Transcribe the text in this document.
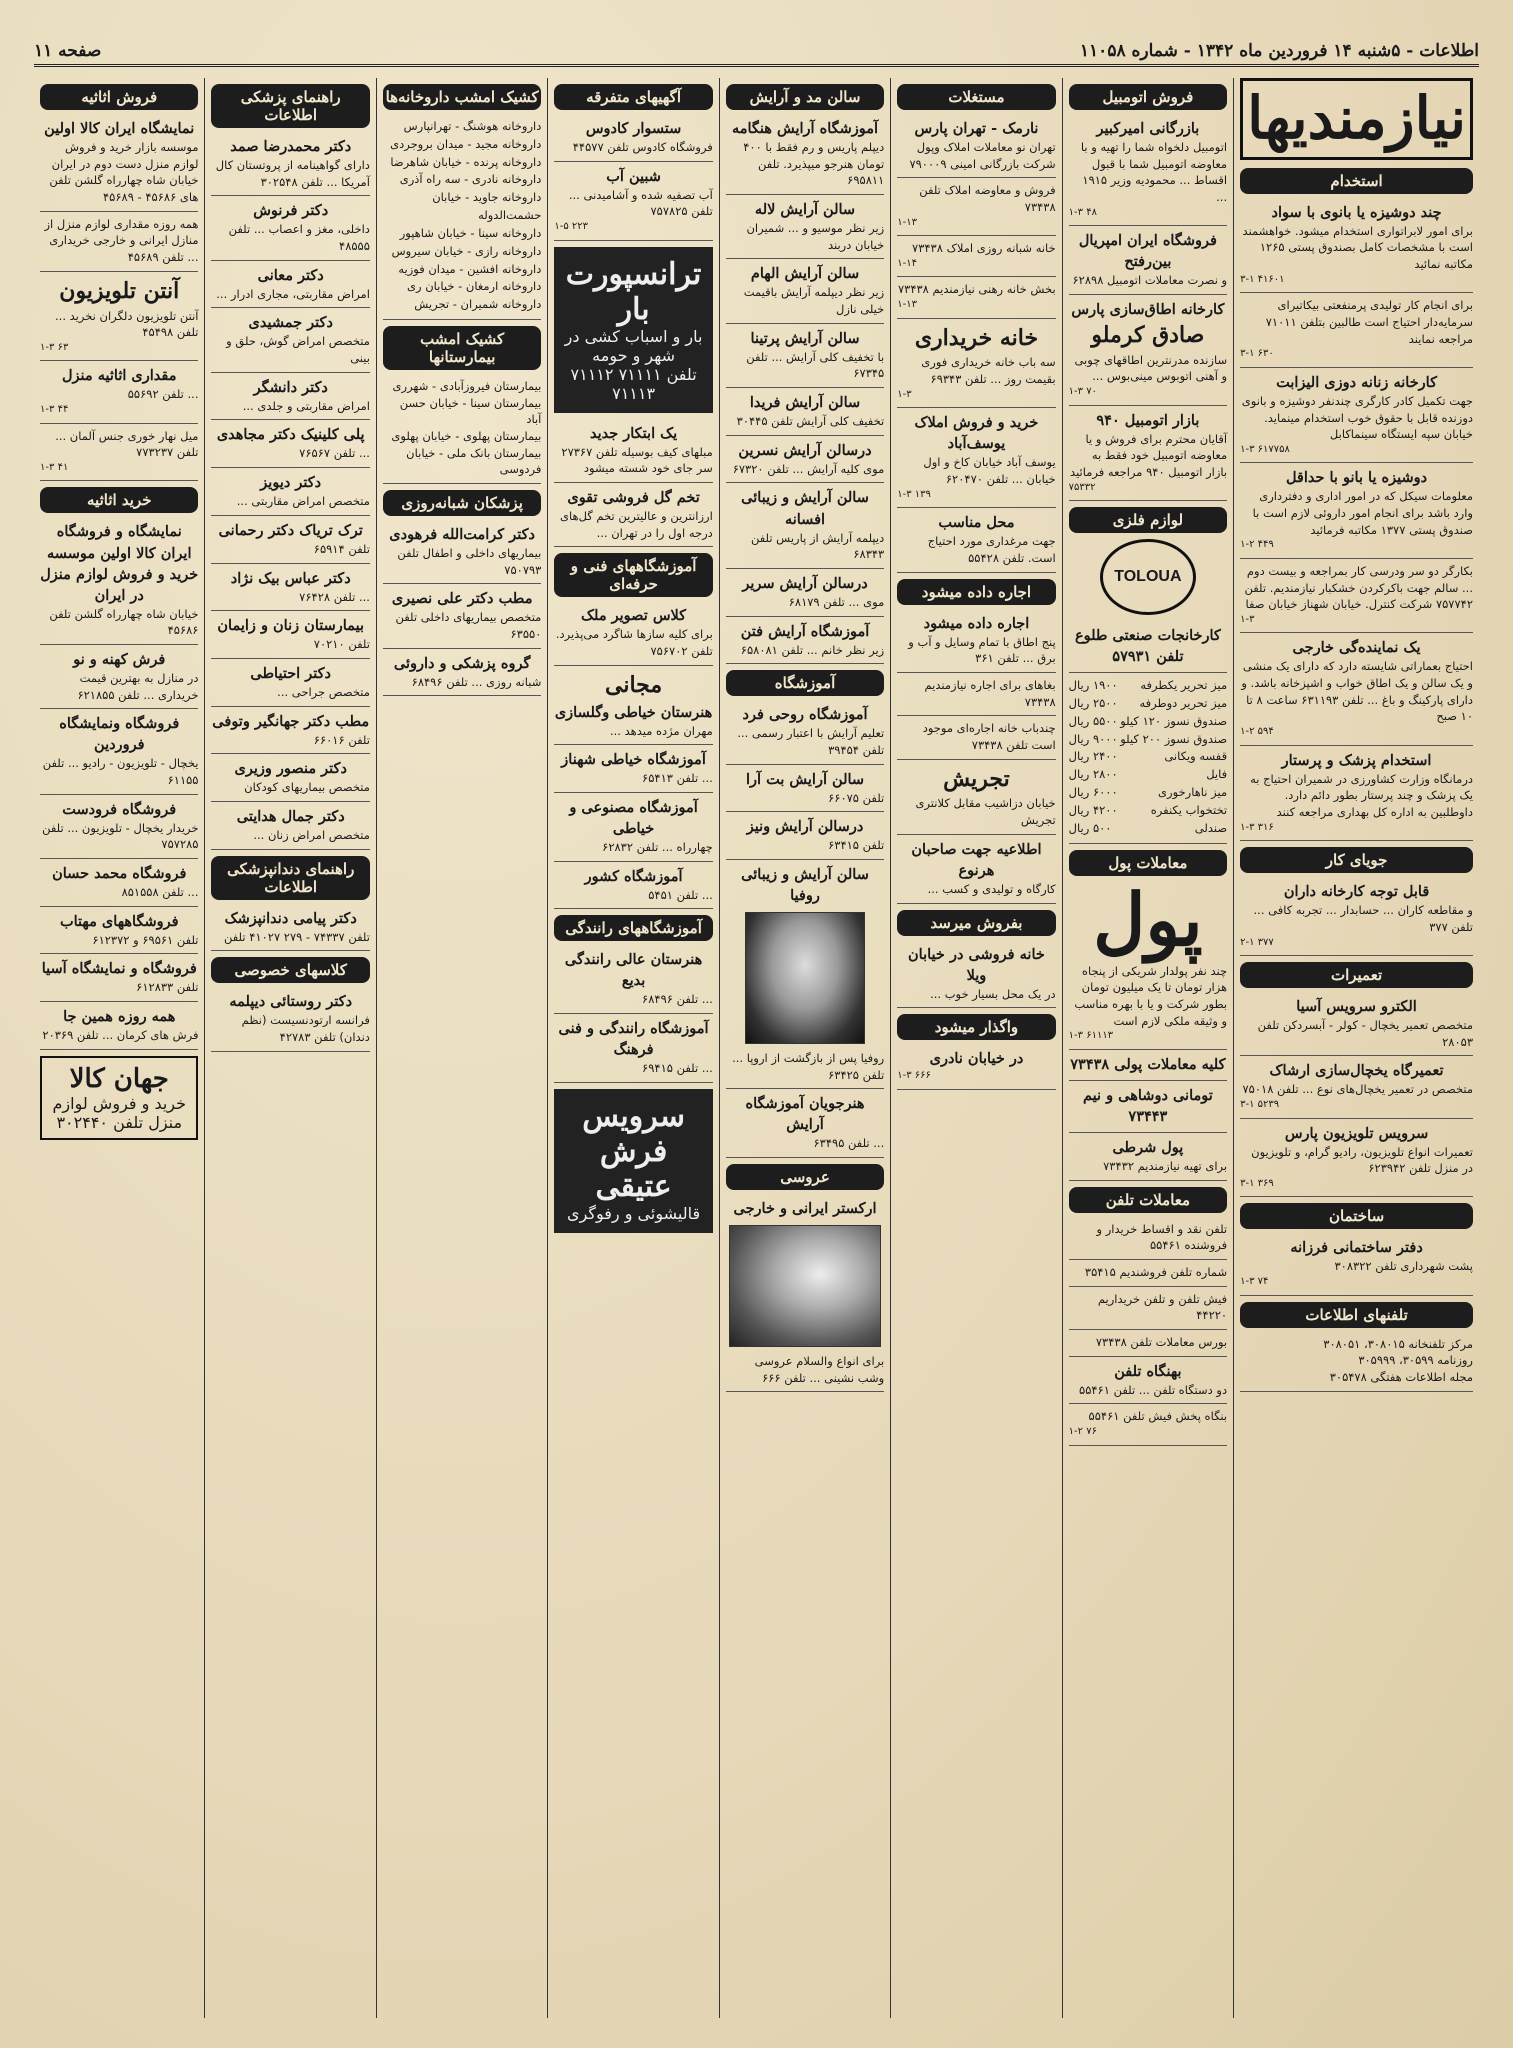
اطلاعات - ۵شنبه ۱۴ فروردین ماه ۱۳۴۲ - شماره ۱۱۰۵۸
صفحه ۱۱
نیازمندیها
استخدام
چند دوشیزه یا بانوی با سواد
برای امور لابراتواری استخدام میشود. خواهشمند است با مشخصات کامل بصندوق پستی ۱۲۶۵ مکاتبه نمائید
۳-۱ ۴۱۶۰۱
برای انجام کار تولیدی پرمنفعتی بیکاتیرای سرمایه‌دار احتیاج است طالبین بتلفن ۷۱۰۱۱ مراجعه نمایند
۳-۱ ۶۳۰
کارخانه زنانه دوزی الیزابت
جهت تکمیل کادر کارگری چندنفر دوشیزه و بانوی دوزنده قابل با حقوق خوب استخدام مینماید. خیابان سپه ایستگاه سینماکابل
۱-۳ ۶۱۷۷۵۸
دوشیزه یا بانو با حداقل
معلومات سیکل که در امور اداری و دفترداری وارد باشد برای انجام امور داروئی لازم است با صندوق پستی ۱۳۷۷ مکاتبه فرمائید
۱-۲ ۴۴۹
بکارگر دو سر ودرسی کار بمراجعه و بیست دوم ... سالم جهت باکرکردن خشکبار نیازمندیم. تلفن ۷۵۷۷۴۲ شرکت کنترل. خیابان شهناز خیابان صفا
۱-۳
یک نماینده‌گی خارجی
احتیاج بعماراتی شایسته دارد که دارای یک منشی و یک سالن و یک اطاق خواب و اشپزخانه باشد. و دارای پارکینگ و باغ ... تلفن ۶۳۱۱۹۳ ساعت ۸ تا ۱۰ صبح
۱-۲ ۵۹۴
استخدام پزشک و پرستار
درمانگاه وزارت کشاورزی در شمیران احتیاج به یک پزشک و چند پرستار بطور دائم دارد. داوطلبین به اداره کل بهداری مراجعه کنند
۱-۳ ۳۱۶
جویای کار
قابل توجه کارخانه داران
و مقاطعه کاران ... حسابدار ... تجربه کافی ... تلفن ۳۷۷
۲-۱ ۳۷۷
تعمیرات
الکترو سرویس آسیا
متخصص تعمیر یخچال - کولر - آبسردکن تلفن ۲۸۰۵۳
تعمیرگاه یخچال‌سازی ارشاک
متخصص در تعمیر یخچال‌های نوع ... تلفن ۷۵۰۱۸
۳-۱ ۵۲۳۹
سرویس تلویزیون پارس
تعمیرات انواع تلویزیون، رادیو گرام، و تلویزیون در منزل تلفن ۶۲۳۹۴۲
۳-۱ ۳۶۹
ساختمان
دفتر ساختمانی فرزانه
پشت شهرداری تلفن ۳۰۸۳۲۲
۱-۳ ۷۴
تلفنهای اطلاعات
مرکز تلفنخانه ۳۰۸۰۱۵، ۳۰۸۰۵۱
روزنامه ۳۰۵۹۹، ۳۰۵۹۹۹
مجله اطلاعات هفتگی ۳۰۵۴۷۸
فروش اتومبیل
بازرگانی امیرکبیر
اتومبیل دلخواه شما را تهیه و با معاوضه اتومبیل شما با قبول اقساط ... محمودیه وزیر ۱۹۱۵ ...
۱-۳ ۴۸
فروشگاه ایران امپریال بین‌رفتح
و نصرت معاملات اتومبیل ۶۲۸۹۸
کارخانه اطاق‌سازی پارس
صادق کرملو
سازنده مدرنترین اطاقهای چوبی و آهنی اتوبوس مینی‌بوس ...
۱-۳ ۷۰
بازار اتومبیل ۹۴۰
آقایان محترم برای فروش و یا معاوضه اتومبیل خود فقط به بازار اتومبیل ۹۴۰ مراجعه فرمائید
۷۵۳۳۲
لوازم فلزی
TOLOUA
کارخانجات صنعتی طلوع تلفن ۵۷۹۳۱
میز تحریر یکطرفه
۱۹۰۰ ریال
میز تحریر دوطرفه
۲۵۰۰ ریال
صندوق نسوز ۱۲۰ کیلو
۵۵۰۰ ریال
صندوق نسوز ۲۰۰ کیلو
۹۰۰۰ ریال
قفسه ویکانی
۲۴۰۰ ریال
فایل
۲۸۰۰ ریال
میز ناهارخوری
۶۰۰۰ ریال
تختخواب یکنفره
۴۲۰۰ ریال
صندلی
۵۰۰ ریال
معاملات پول
پول
چند نفر پولدار شریکی از پنجاه هزار تومان تا یک میلیون تومان بطور شرکت و یا با بهره مناسب و وثیقه ملکی لازم است
۱-۳ ۶۱۱۱۳
کلیه معاملات پولی ۷۳۴۳۸
تومانی دوشاهی و نیم ۷۳۴۴۳
پول شرطی
برای تهیه نیازمندیم ۷۳۴۳۲
معاملات تلفن
تلفن نقد و اقساط خریدار و فروشنده ۵۵۴۶۱
شماره تلفن فروشندیم ۳۵۴۱۵
فیش تلفن و تلفن خریداریم ۴۴۲۲۰
بورس معاملات تلفن ۷۳۴۳۸
بهنگاه تلفن
دو دستگاه تلفن ... تلفن ۵۵۴۶۱
بنگاه پخش فیش تلفن ۵۵۴۶۱
۱-۲ ۷۶
مستغلات
نارمک - تهران پارس
تهران نو معاملات املاک وپول شرکت بازرگانی امینی ۷۹۰۰۰۹
فروش و معاوضه املاک تلفن ۷۳۴۳۸
۱-۱۳
خانه شبانه روزی املاک ۷۳۴۳۸
۱-۱۴
بخش خانه رهنی نیازمندیم ۷۳۴۳۸
۱-۱۳
خانه خریداری
سه باب خانه خریداری فوری بقیمت روز ... تلفن ۶۹۳۴۳
۱-۳
خرید و فروش املاک یوسف‌آباد
یوسف آباد خیابان کاخ و اول خیابان ... تلفن ۶۲۰۴۷۰
۱-۳ ۱۳۹
محل مناسب
جهت مرغداری مورد احتیاج است. تلفن ۵۵۴۲۸
اجاره داده میشود
اجاره داده میشود
پنج اطاق با تمام وسایل و آب و برق ... تلفن ۳۶۱
بغاهای برای اجاره نیازمندیم ۷۳۴۳۸
چندباب خانه اجاره‌ای موجود است تلفن ۷۳۴۳۸
تجریش
خیابان دزاشیب مقابل کلانتری تجریش
اطلاعیه جهت صاحبان هرنوع
کارگاه و تولیدی و کسب ...
بفروش میرسد
خانه فروشی در خیابان ویلا
در یک محل بسیار خوب ...
واگذار میشود
در خیابان نادری
۱-۳ ۶۶۶
سالن مد و آرایش
آموزشگاه آرایش هنگامه
دیپلم پاریس و رم فقط با ۴۰۰ تومان هنرجو میپذیرد. تلفن ۶۹۵۸۱۱
سالن آرایش لاله
زیر نظر موسیو و ... شمیران خیابان دربند
سالن آرایش الهام
زیر نظر دیپلمه آرایش باقیمت خیلی نازل
سالن آرایش پرتینا
با تخفیف کلی آرایش ... تلفن ۶۷۳۴۵
سالن آرایش فریدا
تخفیف کلی آرایش تلفن ۳۰۴۴۵
درسالن آرایش نسرین
موی کلیه آرایش ... تلفن ۶۷۳۲۰
سالن آرایش و زیبائی افسانه
دیپلمه آرایش از پاریس تلفن ۶۸۳۴۳
درسالن آرایش سریر
موی ... تلفن ۶۸۱۷۹
آموزشگاه آرایش فتن
زیر نظر خانم ... تلفن ۶۵۸۰۸۱
آموزشگاه
آموزشگاه روحی فرد
تعلیم آرایش با اعتبار رسمی ... تلفن ۳۹۴۵۴
سالن آرایش بت آرا
تلفن ۶۶۰۷۵
درسالن آرایش ونیز
تلفن ۶۳۴۱۵
سالن آرایش و زیبائی روفیا
روفیا پس از بازگشت از اروپا ... تلفن ۶۳۴۲۵
هنرجویان آموزشگاه آرایش
... تلفن ۶۳۴۹۵
عروسی
ارکستر ایرانی و خارجی
برای انواع والسلام عروسی وشب نشینی ... تلفن ۶۶۶
آگهیهای متفرقه
ستسوار کادوس
فروشگاه کادوس تلفن ۴۴۵۷۷
شبین آب
آب تصفیه شده و آشامیدنی ... تلفن ۷۵۷۸۲۵
۱-۵ ۲۲۳
ترانسپورت بار
بار و اسباب کشی در شهر و حومه
تلفن ۷۱۱۱۱ ۷۱۱۱۲ ۷۱۱۱۳
یک ابتکار جدید
مبلهای کیف بوسیله تلفن ۲۷۳۶۷ سر جای خود شسته میشود
تخم گل فروشی تقوی
ارزانترین و عالیترین تخم گل‌های درجه اول را در تهران ...
آموزشگاههای فنی و حرفه‌ای
کلاس تصویر ملک
برای کلیه سازها شاگرد می‌پذیرد. تلفن ۷۵۶۷۰۲
مجانی
هنرستان خیاطی وگلسازی
مهران مژده میدهد ...
آموزشگاه خیاطی شهناز
... تلفن ۶۵۴۱۳
آموزشگاه مصنوعی و خیاطی
چهارراه ... تلفن ۶۲۸۳۲
آموزشگاه کشور
... تلفن ۵۴۵۱
آموزشگاههای رانندگی
هنرستان عالی رانندگی بدیع
... تلفن ۶۸۴۹۶
آموزشگاه رانندگی و فنی فرهنگ
... تلفن ۶۹۴۱۵
سرویس فرش عتیقی
قالیشوئی و رفوگری
کشیک امشب داروخانه‌ها
داروخانه هوشنگ - تهرانپارس
داروخانه مجید - میدان بروجردی
داروخانه پرنده - خیابان شاهرضا
داروخانه نادری - سه راه آذری
داروخانه جاوید - خیابان حشمت‌الدوله
داروخانه سینا - خیابان شاهپور
داروخانه رازی - خیابان سیروس
داروخانه افشین - میدان فوزیه
داروخانه ارمغان - خیابان ری
داروخانه شمیران - تجریش
کشیک امشب بیمارستانها
بیمارستان فیروزآبادی - شهرری
بیمارستان سینا - خیابان حسن آباد
بیمارستان پهلوی - خیابان پهلوی
بیمارستان بانک ملی - خیابان فردوسی
پزشکان شبانه‌روزی
دکتر کرامت‌الله فرهودی
بیماریهای داخلی و اطفال تلفن ۷۵۰۷۹۳
مطب دکتر علی نصیری
متخصص بیماریهای داخلی تلفن ۶۳۵۵۰
گروه پزشکی و داروئی
شبانه روزی ... تلفن ۶۸۴۹۶
راهنمای پزشکی اطلاعات
دکتر محمدرضا صمد
دارای گواهینامه از پروتستان کال آمریکا ... تلفن ۳۰۲۵۴۸
دکتر فرنوش
داخلی، مغز و اعصاب ... تلفن ۴۸۵۵۵
دکتر معانی
امراض مقاربتی، مجاری ادرار ...
دکتر جمشیدی
متخصص امراض گوش، حلق و بینی
دکتر دانشگر
امراض مقاربتی و جلدی ...
پلی کلینیک دکتر مجاهدی
... تلفن ۷۶۵۶۷
دکتر دیویز
متخصص امراض مقاربتی ...
ترک تریاک دکتر رحمانی
تلفن ۶۵۹۱۴
دکتر عباس بیک نژاد
... تلفن ۷۶۴۲۸
بیمارستان زنان و زایمان
تلفن ۷۰۲۱۰
دکتر احتیاطی
متخصص جراحی ...
مطب دکتر جهانگیر وتوفی
تلفن ۶۶۰۱۶
دکتر منصور وزیری
متخصص بیماریهای کودکان
دکتر جمال هدایتی
متخصص امراض زنان ...
راهنمای دندانپزشکی اطلاعات
دکتر پیامی دندانپزشک
تلفن ۷۴۳۳۷ - ۲۷۹ ۴۱۰۲۷ تلفن
کلاسهای خصوصی
دکتر روستائی دیپلمه
فرانسه ارتودنسیست (نظم دندان) تلفن ۴۲۷۸۳
فروش اثاثیه
نمایشگاه ایران کالا اولین
موسسه بازار خرید و فروش لوازم منزل دست دوم در ایران خیابان شاه چهارراه گلشن تلفن های ۴۵۶۸۶ - ۴۵۶۸۹
همه روزه مقداری لوازم منزل از منازل ایرانی و خارجی خریداری ... تلفن ۴۵۶۸۹
آنتن تلویزیون
آنتن تلویزیون دلگران نخرید ... تلفن ۴۵۴۹۸
۱-۳ ۶۳
مقداری اثاثیه منزل
... تلفن ۵۵۶۹۲
۱-۳ ۴۴
میل نهار خوری جنس آلمان ... تلفن ۷۷۳۲۳۷
۱-۳ ۴۱
خرید اثاثیه
نمایشگاه و فروشگاه ایران کالا اولین موسسه خرید و فروش لوازم منزل در ایران
خیابان شاه چهارراه گلشن تلفن ۴۵۶۸۶
فرش کهنه و نو
در منازل به بهترین قیمت خریداری ... تلفن ۶۲۱۸۵۵
فروشگاه ونمایشگاه فروردین
یخچال - تلویزیون - رادیو ... تلفن ۶۱۱۵۵
فروشگاه فرودست
خریدار یخچال - تلویزیون ... تلفن ۷۵۷۲۸۵
فروشگاه محمد حسان
... تلفن ۸۵۱۵۵۸
فروشگاههای مهتاب
تلفن ۶۹۵۶۱ و ۶۱۲۳۷۲
فروشگاه و نمایشگاه آسیا
تلفن ۶۱۲۸۳۳
همه روزه همین جا
فرش های کرمان ... تلفن ۲۰۳۶۹
جهان کالا
خرید و فروش لوازم منزل تلفن ۳۰۲۴۴۰
